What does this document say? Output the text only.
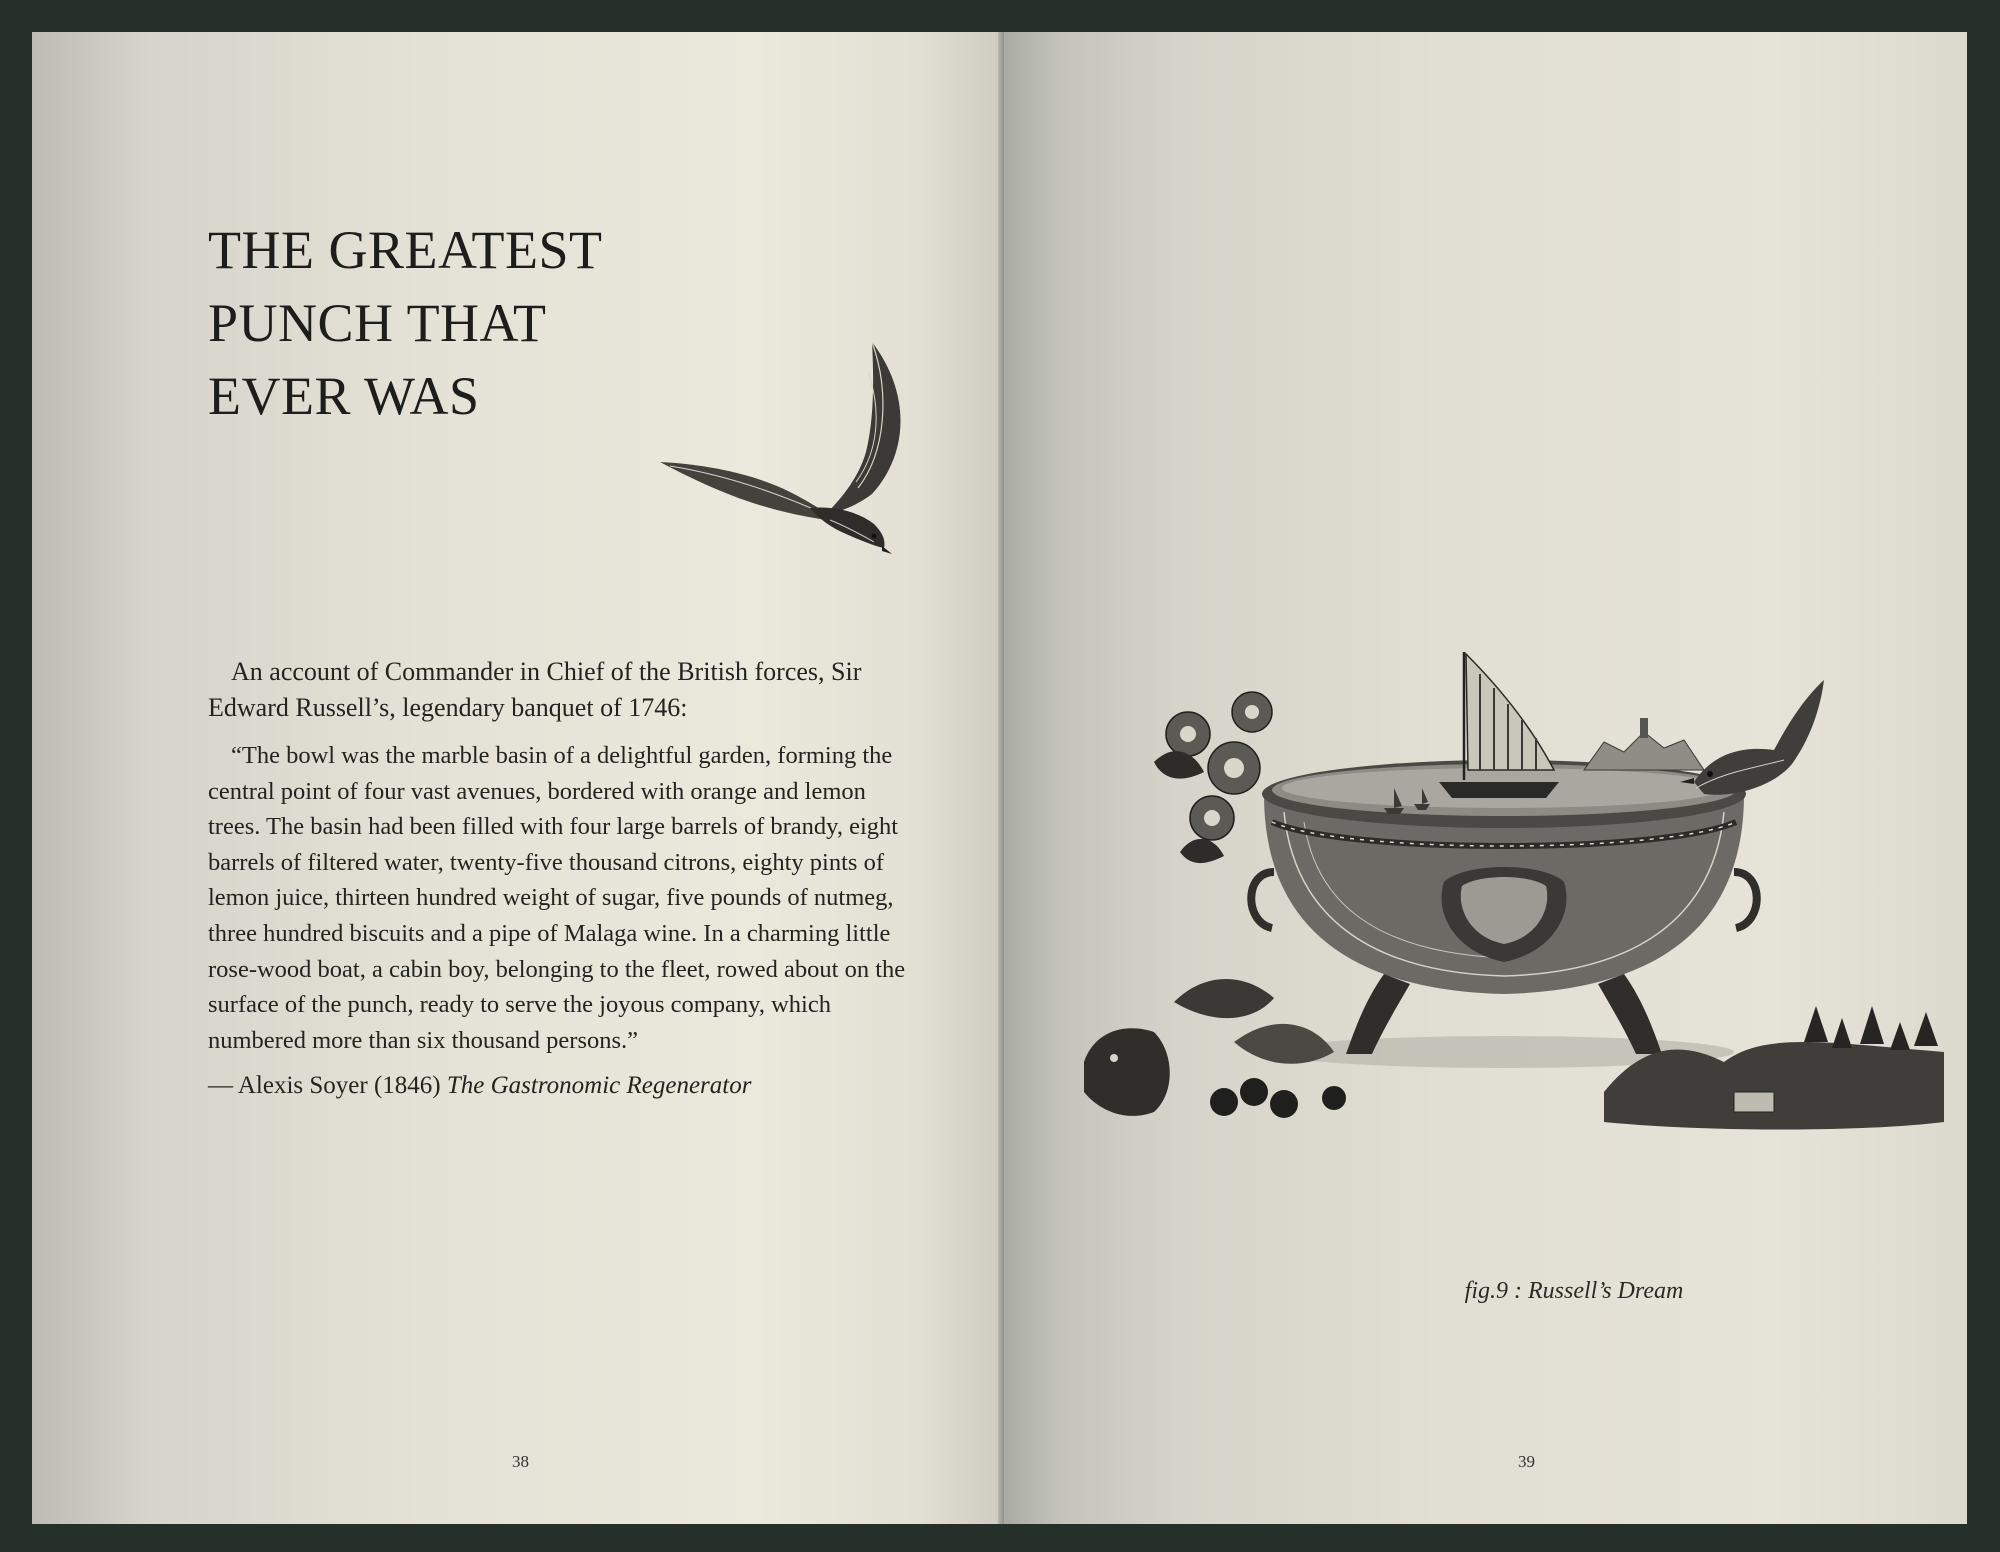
THE GREATEST
PUNCH THAT
EVER WAS

An account of Commander in Chief of the British forces, Sir Edward Russell’s, legendary banquet of 1746:

“The bowl was the marble basin of a delightful garden, forming the central point of four vast avenues, bordered with orange and lemon trees. The basin had been filled with four large barrels of brandy, eight barrels of filtered water, twenty-five thousand citrons, eighty pints of lemon juice, thirteen hundred weight of sugar, five pounds of nutmeg, three hundred biscuits and a pipe of Malaga wine. In a charming little rose-wood boat, a cabin boy, belonging to the fleet, rowed about on the surface of the punch, ready to serve the joyous company, which numbered more than six thousand persons.”

— Alexis Soyer (1846) The Gastronomic Regenerator

38
fig.9 : Russell’s Dream
39
